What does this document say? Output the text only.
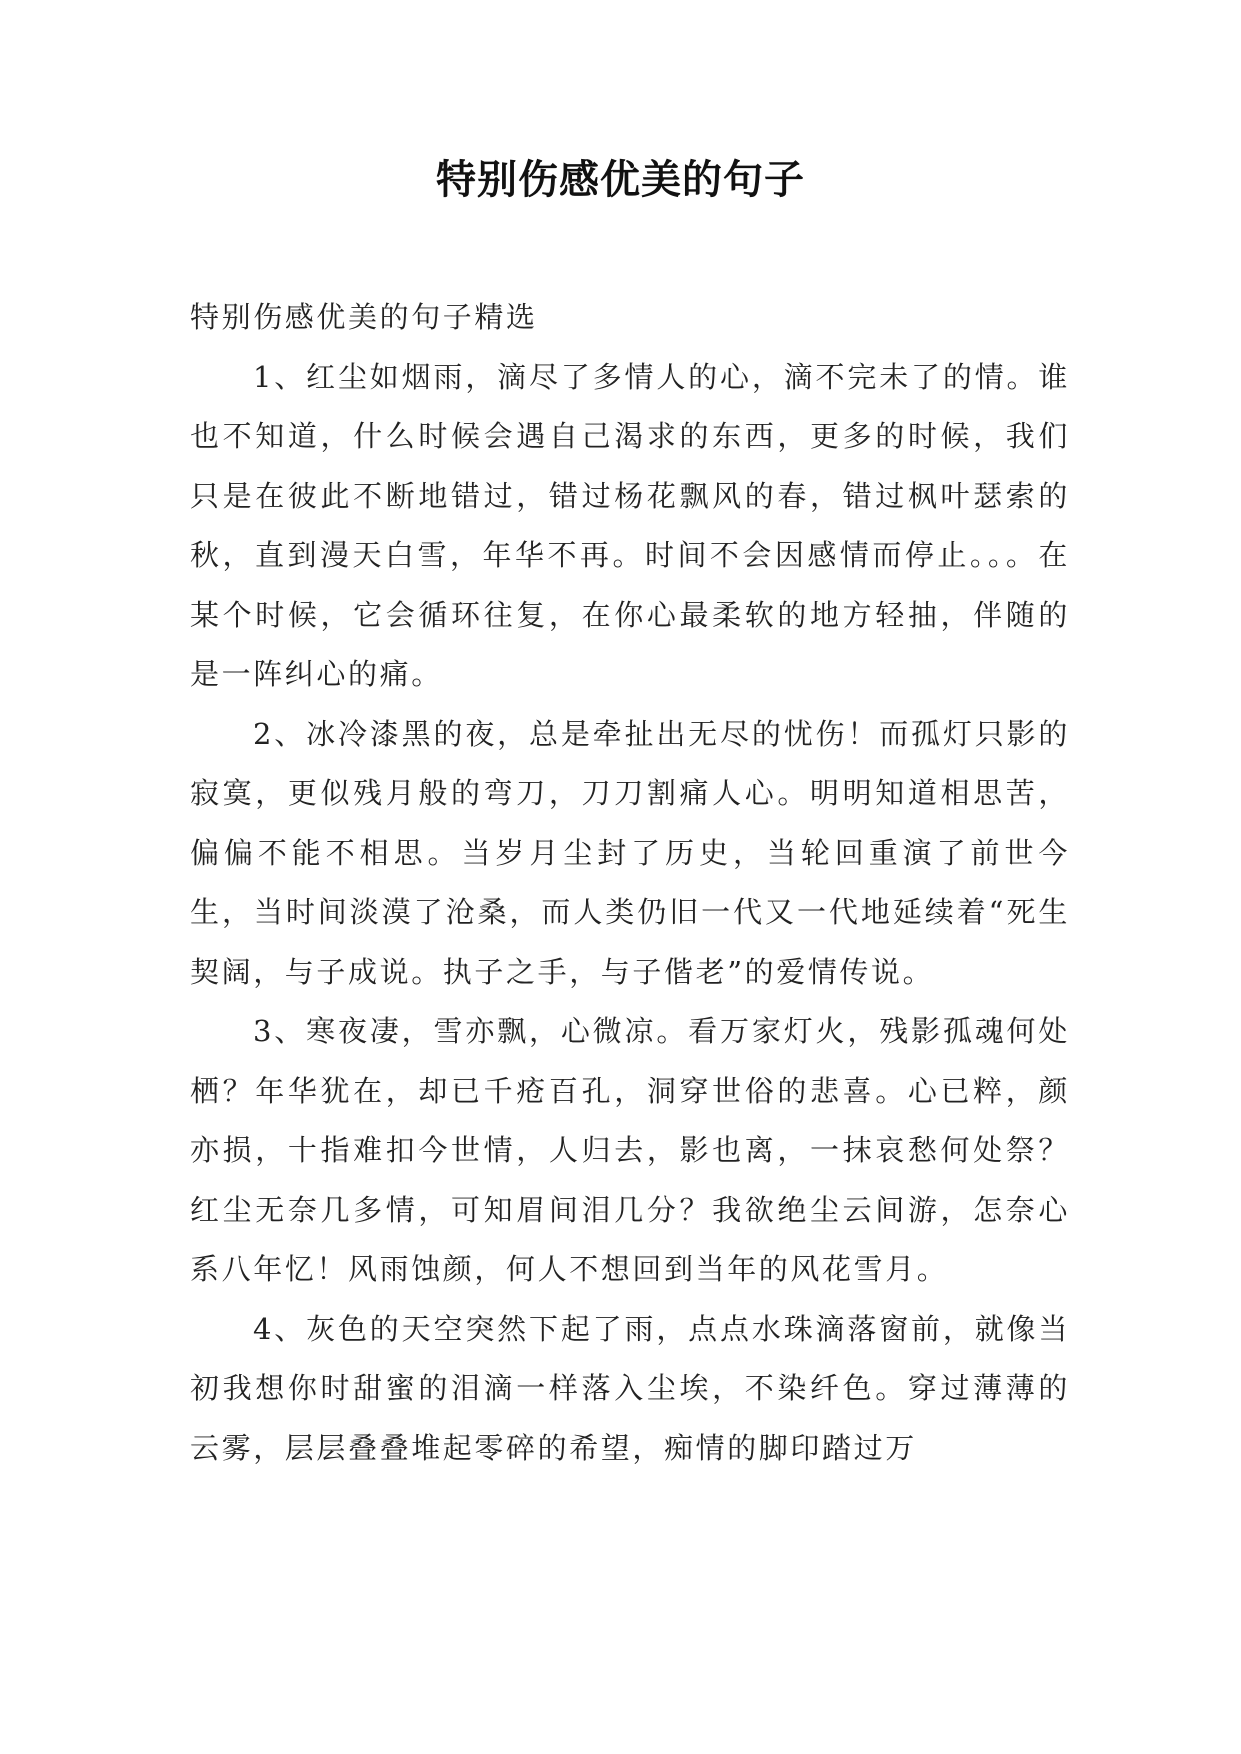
特别伤感优美的句子

特别伤感优美的句子精选

1、红尘如烟雨，滴尽了多情人的心，滴不完未了的情。谁也不知道，什么时候会遇自己渴求的东西，更多的时候，我们只是在彼此不断地错过，错过杨花飘风的春，错过枫叶瑟索的秋，直到漫天白雪，年华不再。时间不会因感情而停止。。。在某个时候，它会循环往复，在你心最柔软的地方轻抽，伴随的是一阵纠心的痛。

2、冰冷漆黑的夜，总是牵扯出无尽的忧伤！而孤灯只影的寂寞，更似残月般的弯刀，刀刀割痛人心。明明知道相思苦，偏偏不能不相思。当岁月尘封了历史，当轮回重演了前世今生，当时间淡漠了沧桑，而人类仍旧一代又一代地延续着“死生契阔，与子成说。执子之手，与子偕老”的爱情传说。

3、寒夜凄，雪亦飘，心微凉。看万家灯火，残影孤魂何处栖？年华犹在，却已千疮百孔，洞穿世俗的悲喜。心已粹，颜亦损，十指难扣今世情，人归去，影也离，一抹哀愁何处祭？红尘无奈几多情，可知眉间泪几分？我欲绝尘云间游，怎奈心系八年忆！风雨蚀颜，何人不想回到当年的风花雪月。

4、灰色的天空突然下起了雨，点点水珠滴落窗前，就像当初我想你时甜蜜的泪滴一样落入尘埃，不染纤色。穿过薄薄的云雾，层层叠叠堆起零碎的希望，痴情的脚印踏过万
